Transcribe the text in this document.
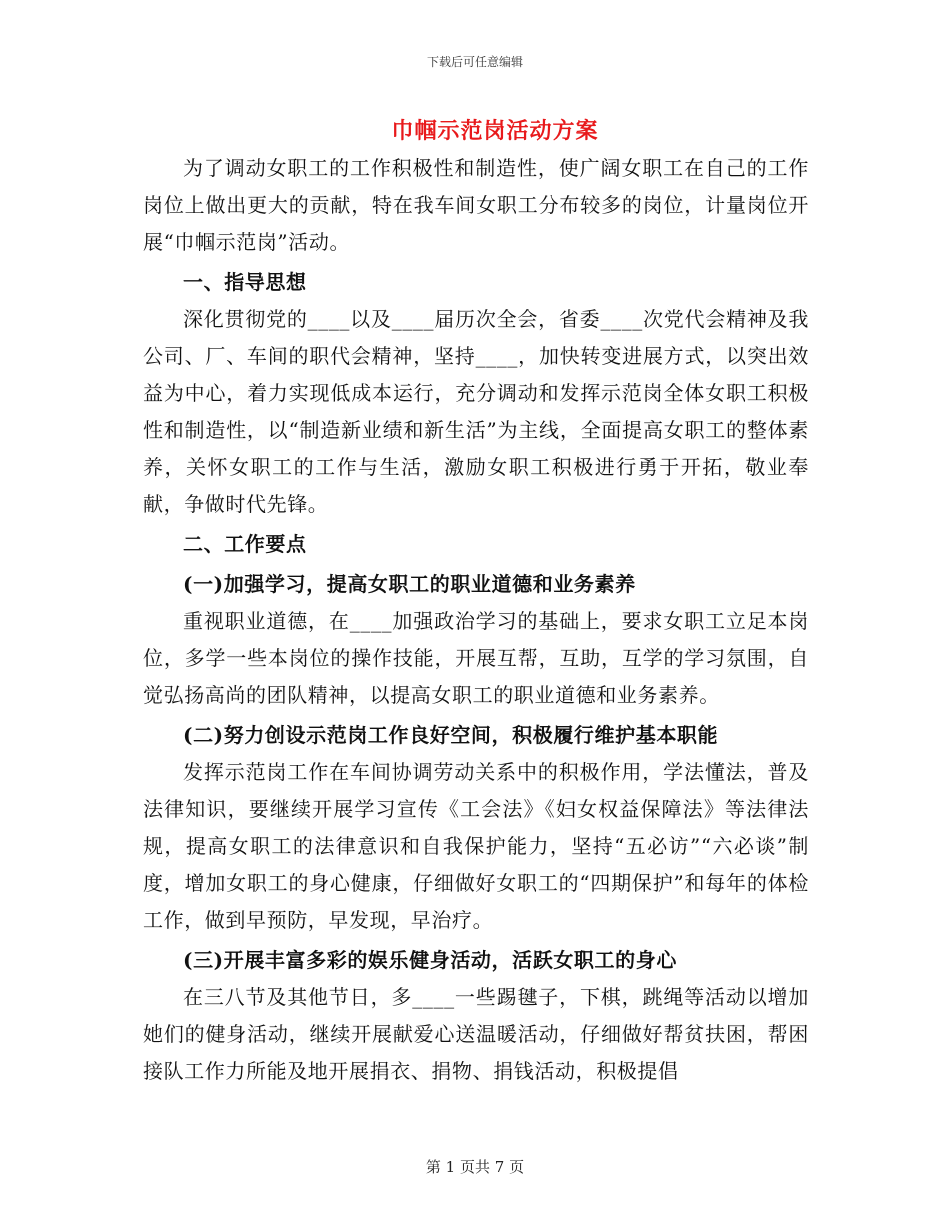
下载后可任意编辑
巾帼示范岗活动方案

为了调动女职工的工作积极性和制造性，使广阔女职工在自己的工作岗位上做出更大的贡献，特在我车间女职工分布较多的岗位，计量岗位开展“巾帼示范岗”活动。

一、指导思想

深化贯彻党的____以及____届历次全会，省委____次党代会精神及我公司、厂、车间的职代会精神，坚持____，加快转变进展方式，以突出效益为中心，着力实现低成本运行，充分调动和发挥示范岗全体女职工积极性和制造性，以“制造新业绩和新生活”为主线，全面提高女职工的整体素养，关怀女职工的工作与生活，激励女职工积极进行勇于开拓，敬业奉献，争做时代先锋。

二、工作要点

(一)加强学习，提高女职工的职业道德和业务素养

重视职业道德，在____加强政治学习的基础上，要求女职工立足本岗位，多学一些本岗位的操作技能，开展互帮，互助，互学的学习氛围，自觉弘扬高尚的团队精神，以提高女职工的职业道德和业务素养。

(二)努力创设示范岗工作良好空间，积极履行维护基本职能

发挥示范岗工作在车间协调劳动关系中的积极作用，学法懂法，普及法律知识，要继续开展学习宣传《工会法》《妇女权益保障法》等法律法规，提高女职工的法律意识和自我保护能力，坚持“五必访”“六必谈”制度，增加女职工的身心健康，仔细做好女职工的“四期保护”和每年的体检工作，做到早预防，早发现，早治疗。

(三)开展丰富多彩的娱乐健身活动，活跃女职工的身心

在三八节及其他节日，多____一些踢毽子，下棋，跳绳等活动以增加她们的健身活动，继续开展献爱心送温暖活动，仔细做好帮贫扶困，帮困接队工作力所能及地开展捐衣、捐物、捐钱活动，积极提倡

第 1 页共 7 页
